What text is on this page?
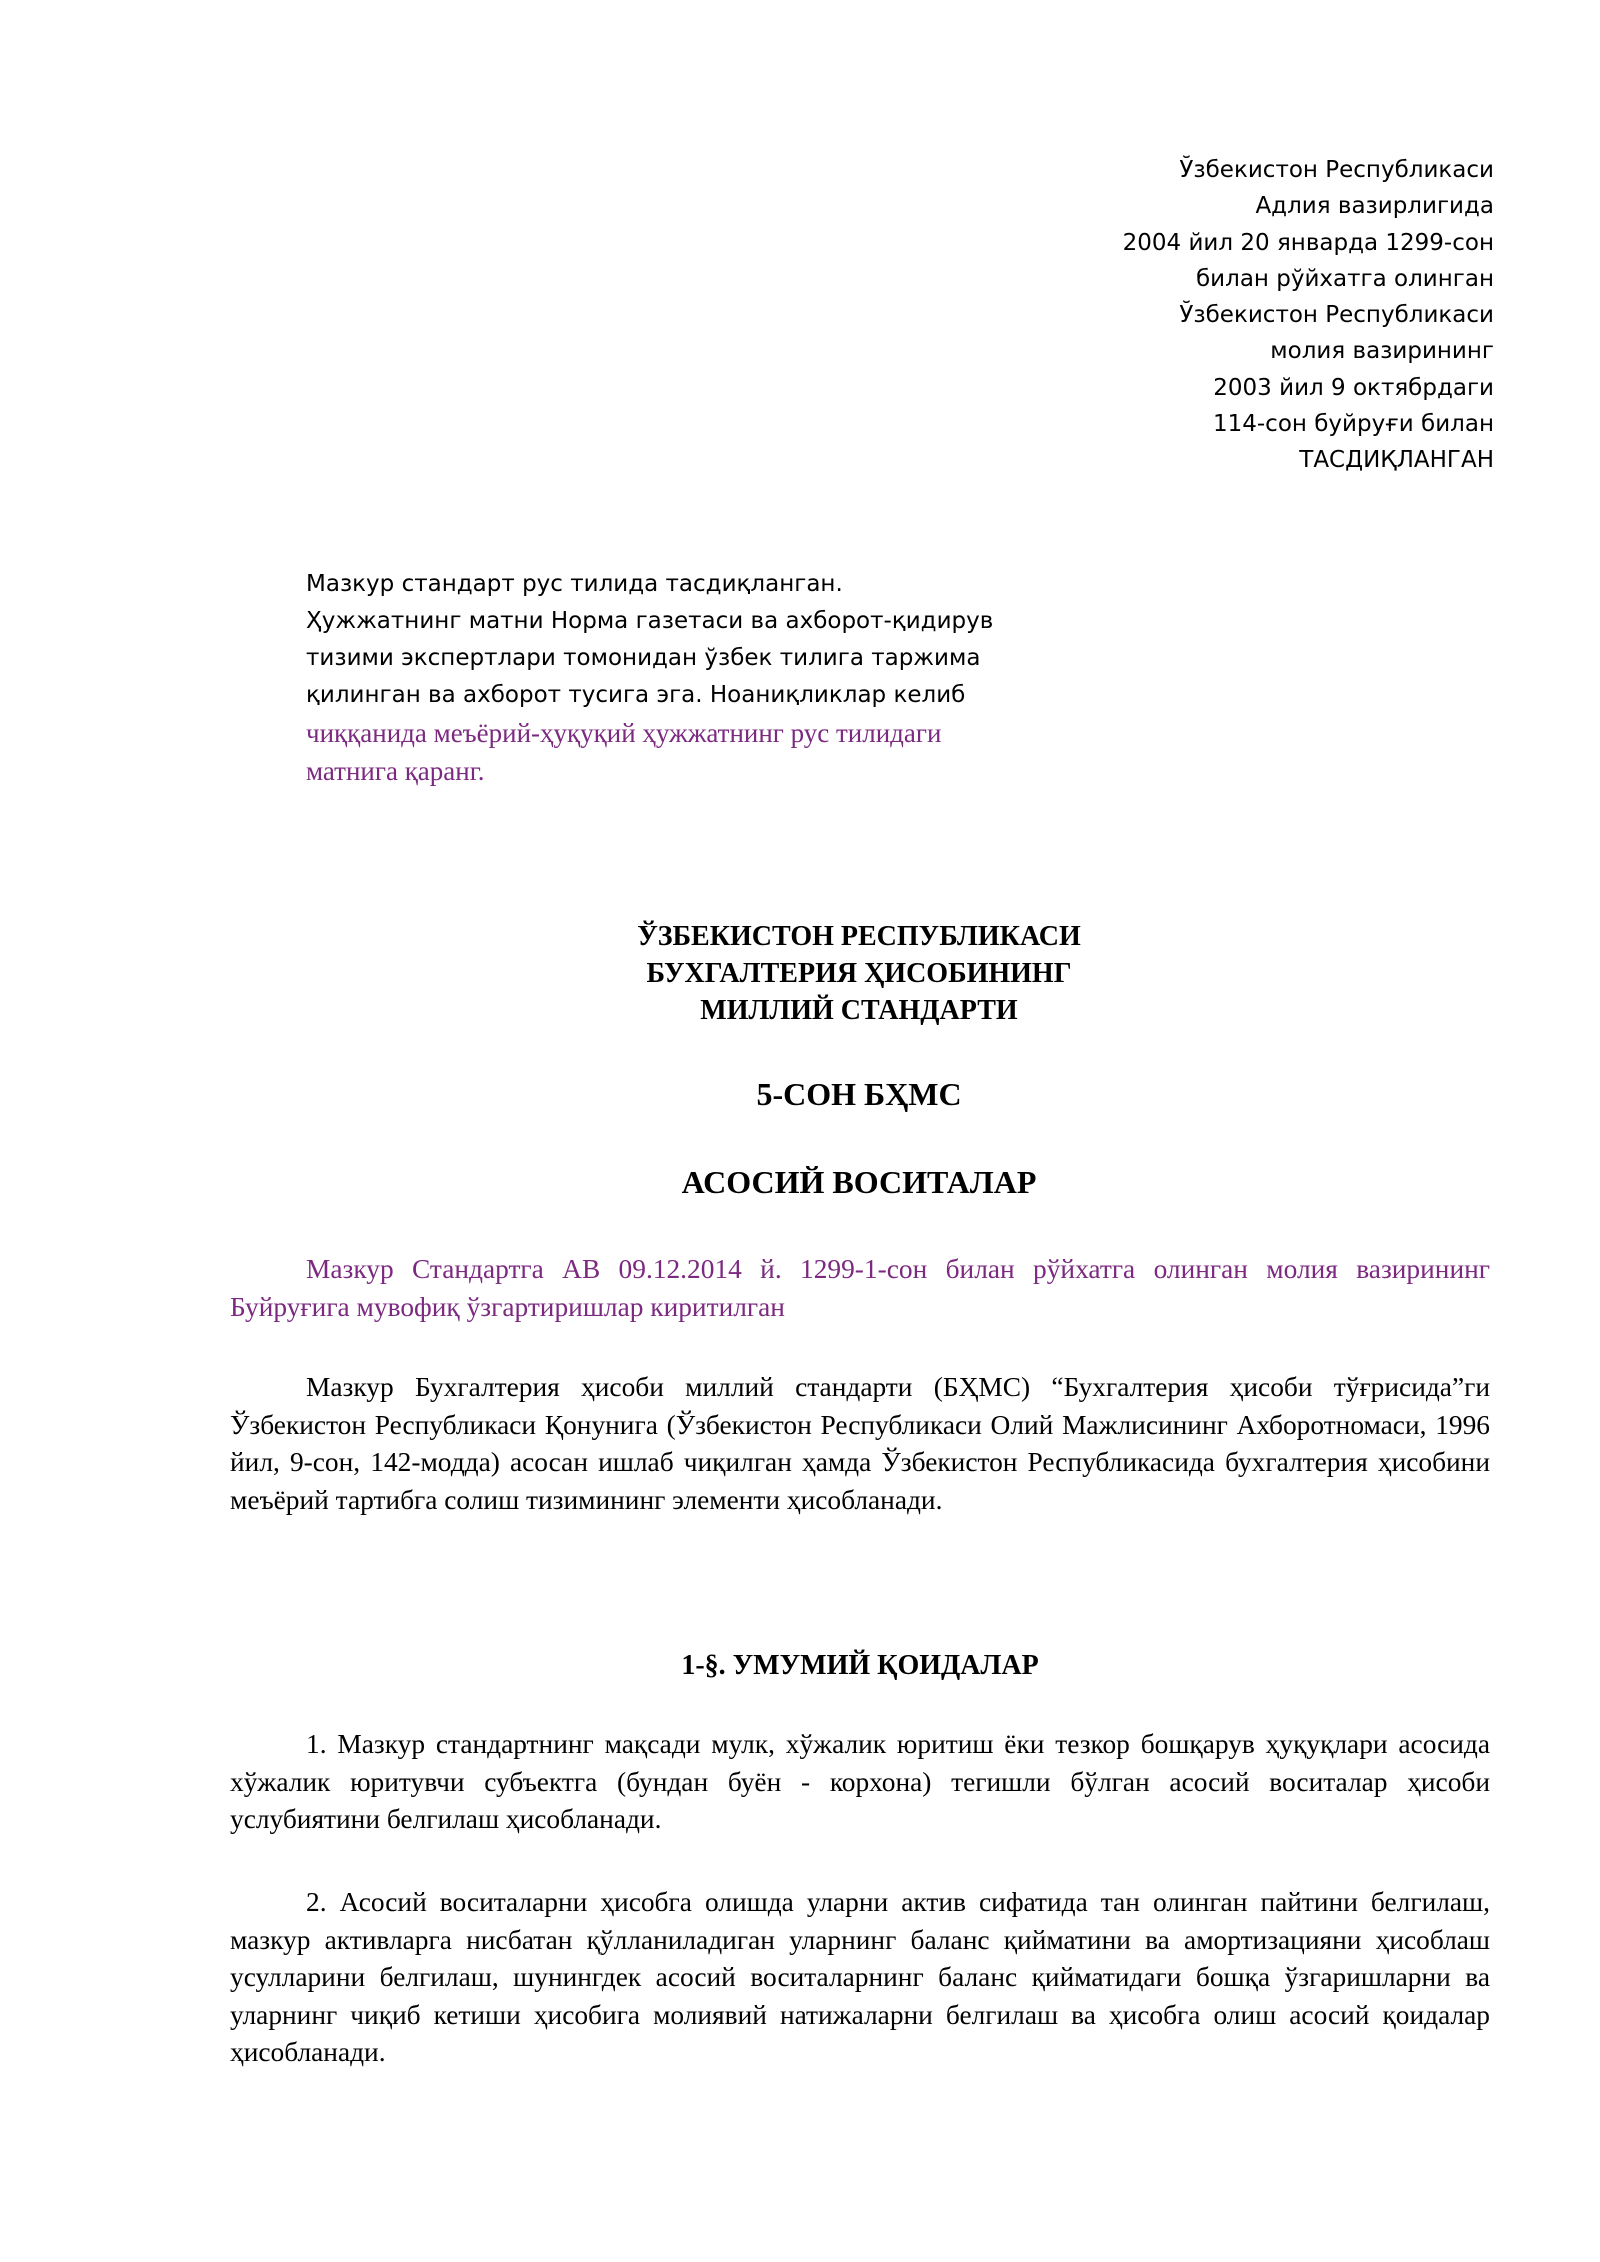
Ўзбекистон Республикаси
Адлия вазирлигида
2004 йил 20 январда 1299-сон
билан рўйхатга олинган
Ўзбекистон Республикаси
молия вазирининг
2003 йил 9 октябрдаги
114-сон буйруғи билан
ТАСДИҚЛАНГАН
Мазкур стандарт рус тилида тасдиқланган.
Ҳужжатнинг матни Норма газетаси ва ахборот-қидирув
тизими экспертлари томонидан ўзбек тилига таржима
қилинган ва ахборот тусига эга. Ноаниқликлар келиб
чиққанида меъёрий-ҳуқуқий ҳужжатнинг рус тилидаги
матнига қаранг.
ЎЗБЕКИСТОН РЕСПУБЛИКАСИ
БУХГАЛТЕРИЯ ҲИСОБИНИНГ
МИЛЛИЙ СТАНДАРТИ
5-СОН БҲМС
АСОСИЙ ВОСИТАЛАР
Мазкур Стандартга АВ 09.12.2014 й. 1299-1-сон билан рўйхатга олинган молия вазирининг Буйруғига мувофиқ ўзгартиришлар киритилган
Мазкур Бухгалтерия ҳисоби миллий стандарти (БҲМС) “Бухгалтерия ҳисоби тўғрисида”ги Ўзбекистон Республикаси Қонунига (Ўзбекистон Республикаси Олий Мажлисининг Ахборотномаси, 1996 йил, 9-сон, 142-модда) асосан ишлаб чиқилган ҳамда Ўзбекистон Республикасида бухгалтерия ҳисобини меъёрий тартибга солиш тизимининг элементи ҳисобланади.
1-§. УМУМИЙ ҚОИДАЛАР
1. Мазкур стандартнинг мақсади мулк, хўжалик юритиш ёки тезкор бошқарув ҳуқуқлари асосида хўжалик юритувчи субъектга (бундан буён - корхона) тегишли бўлган асосий воситалар ҳисоби услубиятини белгилаш ҳисобланади.
2. Асосий воситаларни ҳисобга олишда уларни актив сифатида тан олинган пайтини белгилаш, мазкур активларга нисбатан қўлланиладиган уларнинг баланс қийматини ва амортизацияни ҳисоблаш усулларини белгилаш, шунингдек асосий воситаларнинг баланс қийматидаги бошқа ўзгаришларни ва уларнинг чиқиб кетиши ҳисобига молиявий натижаларни белгилаш ва ҳисобга олиш асосий қоидалар ҳисобланади.
